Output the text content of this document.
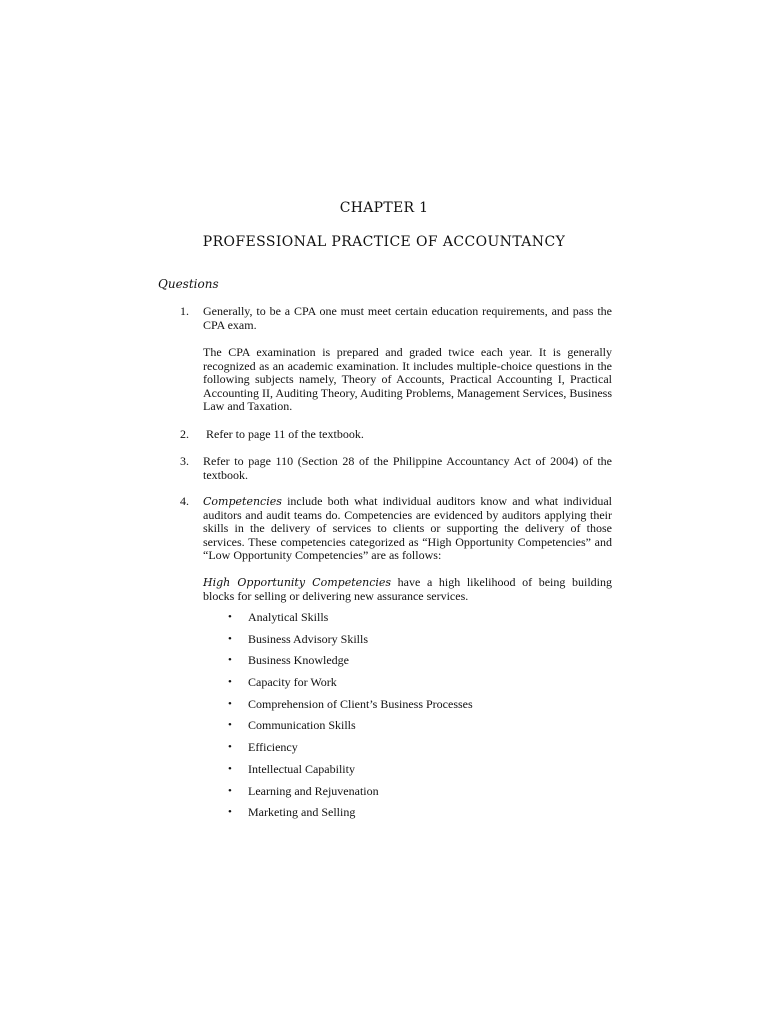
CHAPTER 1
PROFESSIONAL PRACTICE OF ACCOUNTANCY
Questions
1. Generally, to be a CPA one must meet certain education requirements, and pass the CPA exam.
The CPA examination is prepared and graded twice each year. It is generally recognized as an academic examination. It includes multiple-choice questions in the following subjects namely, Theory of Accounts, Practical Accounting I, Practical Accounting II, Auditing Theory, Auditing Problems, Management Services, Business Law and Taxation.
2. Refer to page 11 of the textbook.
3. Refer to page 110 (Section 28 of the Philippine Accountancy Act of 2004) of the textbook.
4. Competencies include both what individual auditors know and what individual auditors and audit teams do. Competencies are evidenced by auditors applying their skills in the delivery of services to clients or supporting the delivery of those services. These competencies categorized as “High Opportunity Competencies” and “Low Opportunity Competencies” are as follows:
High Opportunity Competencies have a high likelihood of being building blocks for selling or delivering new assurance services.
• Analytical Skills
• Business Advisory Skills
• Business Knowledge
• Capacity for Work
• Comprehension of Client’s Business Processes
• Communication Skills
• Efficiency
• Intellectual Capability
• Learning and Rejuvenation
• Marketing and Selling
